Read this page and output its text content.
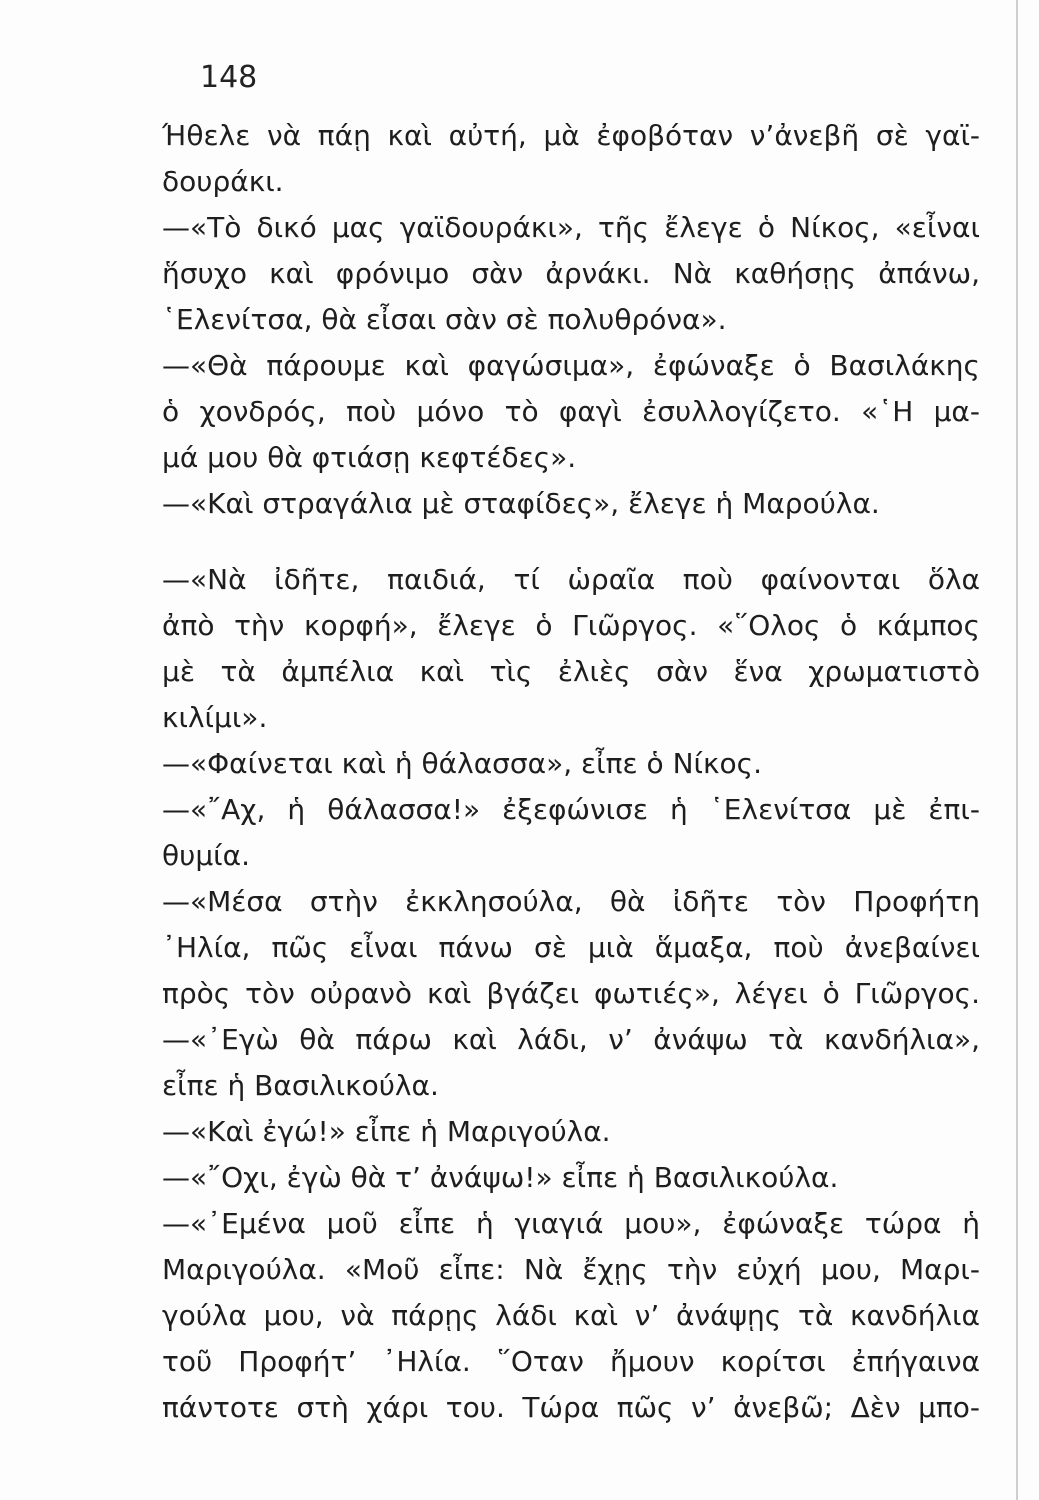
148
Ήθελε νὰ πάῃ καὶ αὐτή, μὰ ἐφοβόταν ν’ἀνεβῆ σὲ γαϊ-
δουράκι.
—«Τὸ δικό μας γαϊδουράκι», τῆς ἔλεγε ὁ Νίκος, «εἶναι
ἥσυχο καὶ φρόνιμο σὰν ἀρνάκι. Νὰ καθήσῃς ἀπάνω,
῾Ελενίτσα, θὰ εἶσαι σὰν σὲ πολυθρόνα».
—«Θὰ πάρουμε καὶ φαγώσιμα», ἐφώναξε ὁ Βασιλάκης
ὁ χονδρός, ποὺ μόνο τὸ φαγὶ ἐσυλλογίζετο. «῾Η μα-
μά μου θὰ φτιάσῃ κεφτέδες».
—«Καὶ στραγάλια μὲ σταφίδες», ἔλεγε ἡ Μαρούλα.
—«Νὰ ἰδῆτε, παιδιά, τί ὡραῖα ποὺ φαίνονται ὅλα
ἀπὸ τὴν κορφή», ἔλεγε ὁ Γιῶργος. «῞Ολος ὁ κάμπος
μὲ τὰ ἀμπέλια καὶ τὶς ἐλιὲς σὰν ἕνα χρωματιστὸ
κιλίμι».
—«Φαίνεται καὶ ἡ θάλασσα», εἶπε ὁ Νίκος.
—«῎Αχ, ἡ θάλασσα!» ἐξεφώνισε ἡ ῾Ελενίτσα μὲ ἐπι-
θυμία.
—«Μέσα στὴν ἐκκλησούλα, θὰ ἰδῆτε τὸν Προφήτη
᾿Ηλία, πῶς εἶναι πάνω σὲ μιὰ ἅμαξα, ποὺ ἀνεβαίνει
πρὸς τὸν οὐρανὸ καὶ βγάζει φωτιές», λέγει ὁ Γιῶργος.
—«᾿Εγὼ θὰ πάρω καὶ λάδι, ν’ ἀνάψω τὰ κανδήλια»,
εἶπε ἡ Βασιλικούλα.
—«Καὶ ἐγώ!» εἶπε ἡ Μαριγούλα.
—«῎Οχι, ἐγὼ θὰ τ’ ἀνάψω!» εἶπε ἡ Βασιλικούλα.
—«᾿Εμένα μοῦ εἶπε ἡ γιαγιά μου», ἐφώναξε τώρα ἡ
Μαριγούλα. «Μοῦ εἶπε: Νὰ ἔχῃς τὴν εὐχή μου, Μαρι-
γούλα μου, νὰ πάρῃς λάδι καὶ ν’ ἀνάψῃς τὰ κανδήλια
τοῦ Προφήτ’ ᾿Ηλία. ῞Οταν ἤμουν κορίτσι ἐπήγαινα
πάντοτε στὴ χάρι του. Τώρα πῶς ν’ ἀνεβῶ; Δὲν μπο-
